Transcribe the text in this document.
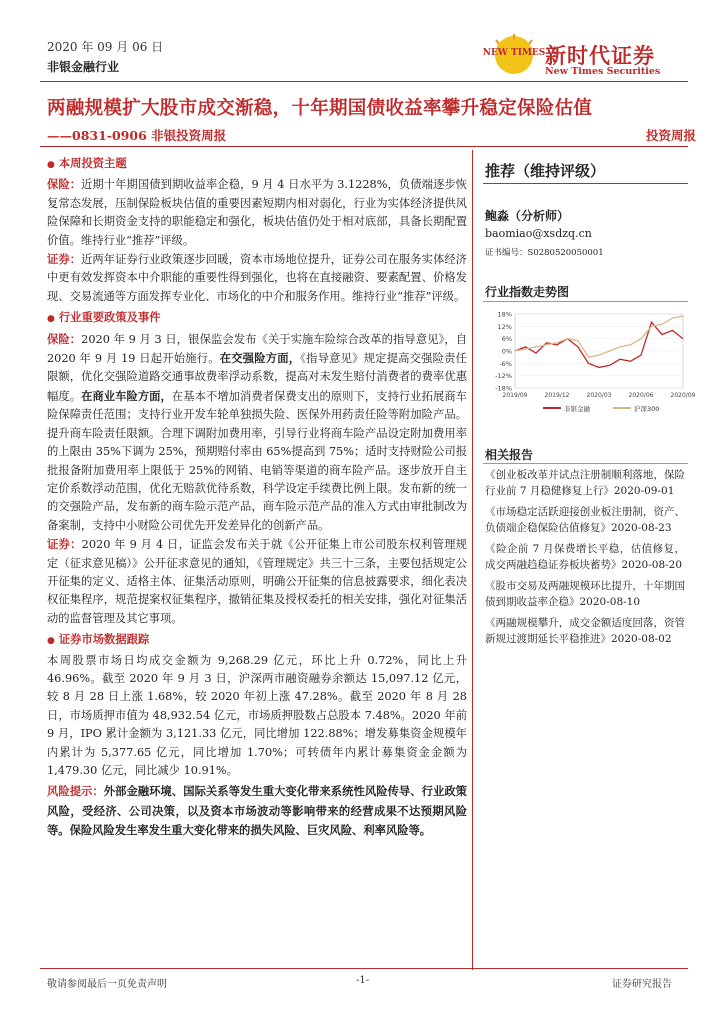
2020 年 09 月 06 日
非银金融行业
NEW TIMES 新时代证券
New Times Securities
两融规模扩大股市成交渐稳，十年期国债收益率攀升稳定保险估值
——0831-0906 非银投资周报	投资周报
● 本周投资主题

保险：近期十年期国债到期收益率企稳，9 月 4 日水平为 3.1228%，负债端逐步恢复常态发展，压制保险板块估值的重要因素短期内相对弱化，行业为实体经济提供风险保障和长期资金支持的职能稳定和强化，板块估值仍处于相对底部，具备长期配置价值。维持行业“推荐”评级。

证券：近两年证券行业政策逐步回暖，资本市场地位提升，证券公司在服务实体经济中更有效发挥资本中介职能的重要性得到强化，也将在直接融资、要素配置、价格发现、交易流通等方面发挥专业化、市场化的中介和服务作用。维持行业“推荐”评级。

● 行业重要政策及事件

保险：2020 年 9 月 3 日，银保监会发布《关于实施车险综合改革的指导意见》，自 2020 年 9 月 19 日起开始施行。在交强险方面，《指导意见》规定提高交强险责任限额，优化交强险道路交通事故费率浮动系数，提高对未发生赔付消费者的费率优惠幅度。在商业车险方面，在基本不增加消费者保费支出的原则下，支持行业拓展商车险保障责任范围；支持行业开发车轮单独损失险、医保外用药责任险等附加险产品。提升商车险责任限额。合理下调附加费用率，引导行业将商车险产品设定附加费用率的上限由 35%下调为 25%，预期赔付率由 65%提高到 75%；适时支持财险公司报批报备附加费用率上限低于 25%的网销、电销等渠道的商车险产品。逐步放开自主定价系数浮动范围，优化无赔款优待系数，科学设定手续费比例上限。发布新的统一的交强险产品，发布新的商车险示范产品，商车险示范产品的准入方式由审批制改为备案制，支持中小财险公司优先开发差异化的创新产品。

证券：2020 年 9 月 4 日，证监会发布关于就《公开征集上市公司股东权利管理规定（征求意见稿）》公开征求意见的通知，《管理规定》共三十三条，主要包括规定公开征集的定义、适格主体、征集活动原则，明确公开征集的信息披露要求，细化表决权征集程序，规范提案权征集程序，撤销征集及授权委托的相关安排，强化对征集活动的监督管理及其它事项。

● 证券市场数据跟踪

本周股票市场日均成交金额为 9,268.29 亿元，环比上升 0.72%，同比上升 46.96%。截至 2020 年 9 月 3 日，沪深两市融资融券余额达 15,097.12 亿元，较 8 月 28 日上涨 1.68%，较 2020 年初上涨 47.28%。截至 2020 年 8 月 28 日，市场质押市值为 48,932.54 亿元，市场质押股数占总股本 7.48%。2020 年前 9 月，IPO 累计金额为 3,121.33 亿元，同比增加 122.88%；增发募集资金规模年内累计为 5,377.65 亿元，同比增加 1.70%；可转债年内累计募集资金金额为 1,479.30 亿元，同比减少 10.91%。

风险提示：外部金融环境、国际关系等发生重大变化带来系统性风险传导、行业政策风险，受经济、公司决策，以及资本市场波动等影响带来的经营成果不达预期风险等。保险风险发生率发生重大变化带来的损失风险、巨灾风险、利率风险等。

推荐（维持评级）
鲍淼（分析师）
baomiao@xsdzq.cn
证书编号：S0280520050001
行业指数走势图
18%
12%
6%
0%
-6%
-12%
-18%
2019/09	2019/12	2020/03	2020/06	2020/09
非银金融	沪深300
相关报告
《 创业板改革并试点注册制顺利落地，保险行业前 7 月稳健修复上行》2020-09-01
《 市场稳定活跃迎接创业板注册制，资产、负债端企稳保险估值修复》2020-08-23
《 险企前 7 月保费增长平稳，估值修复，成交两融趋稳证券板块蓄势》2020-08-20
《 股市交易及两融规模环比提升，十年期国债到期收益率企稳》2020-08-10
《 两融规模攀升，成交金额适度回落，资管新规过渡期延长平稳推进》2020-08-02
敬请参阅最后一页免责声明	-1-	证券研究报告
